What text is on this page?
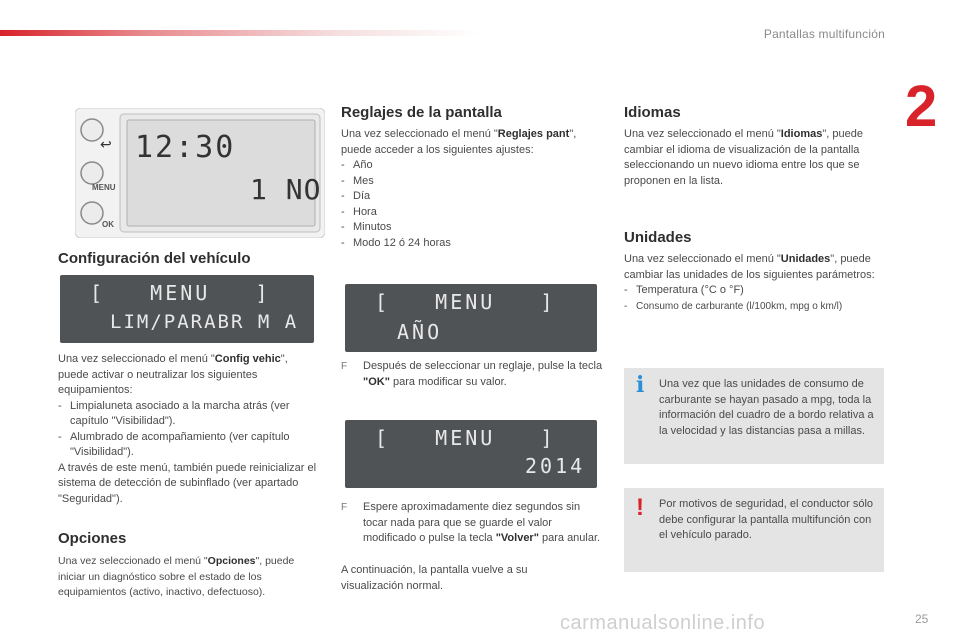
Pantallas multifunción
2
↩
MENU
OK
12:30
1 NO
Configuración del vehículo
[   MENU   ]
LIM/PARABR M A

Una vez seleccionado el menú "Config vehic", puede activar o neutralizar los siguientes equipamientos:

- Limpialuneta asociado a la marcha atrás (ver capítulo "Visibilidad").
- Alumbrado de acompañamiento (ver capítulo "Visibilidad").

A través de este menú, también puede reinicializar el sistema de detección de subinflado (ver apartado "Seguridad").

Opciones

Una vez seleccionado el menú "Opciones", puede iniciar un diagnóstico sobre el estado de los equipamientos (activo, inactivo, defectuoso).

Reglajes de la pantalla

Una vez seleccionado el menú "Reglajes pant", puede acceder a los siguientes ajustes:

- Año
- Mes
- Día
- Hora
- Minutos
- Modo 12 ó 24 horas
[   MENU   ]
AÑO
F	Después de seleccionar un reglaje, pulse la tecla "OK" para modificar su valor.
[   MENU   ]
2014
F	Espere aproximadamente diez segundos sin tocar nada para que se guarde el valor modificado o pulse la tecla "Volver" para anular.
A continuación, la pantalla vuelve a su visualización normal.
Idiomas

Una vez seleccionado el menú "Idiomas", puede cambiar el idioma de visualización de la pantalla seleccionando un nuevo idioma entre los que se proponen en la lista.

Unidades

Una vez seleccionado el menú "Unidades", puede cambiar las unidades de los siguientes parámetros:

- Temperatura (°C o °F)
- Consumo de carburante (l/100km, mpg o km/l)
i Una vez que las unidades de consumo de carburante se hayan pasado a mpg, toda la información del cuadro de a bordo relativa a la velocidad y las distancias pasa a millas.
! Por motivos de seguridad, el conductor sólo debe configurar la pantalla multifunción con el vehículo parado.
carmanualsonline.info	25
